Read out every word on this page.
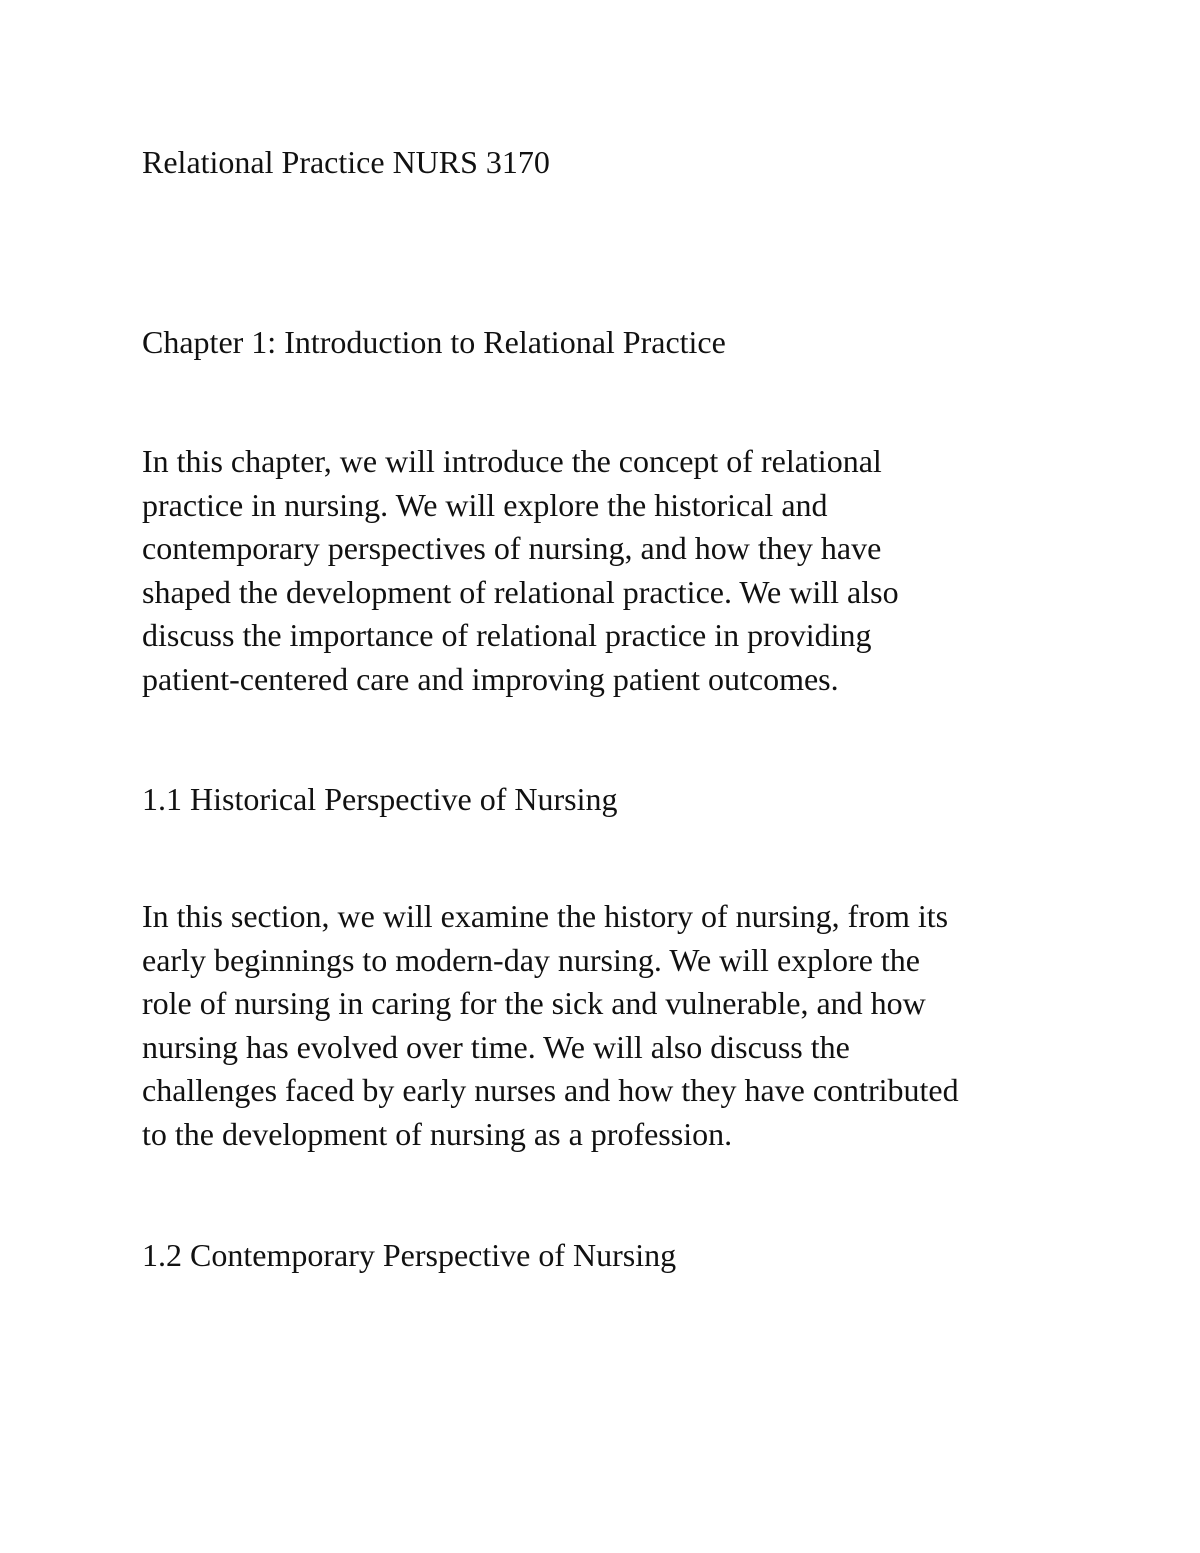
Relational Practice NURS 3170
Chapter 1: Introduction to Relational Practice

In this chapter, we will introduce the concept of relational
practice in nursing. We will explore the historical and
contemporary perspectives of nursing, and how they have
shaped the development of relational practice. We will also
discuss the importance of relational practice in providing
patient-centered care and improving patient outcomes.

1.1 Historical Perspective of Nursing

In this section, we will examine the history of nursing, from its
early beginnings to modern-day nursing. We will explore the
role of nursing in caring for the sick and vulnerable, and how
nursing has evolved over time. We will also discuss the
challenges faced by early nurses and how they have contributed
to the development of nursing as a profession.

1.2 Contemporary Perspective of Nursing
